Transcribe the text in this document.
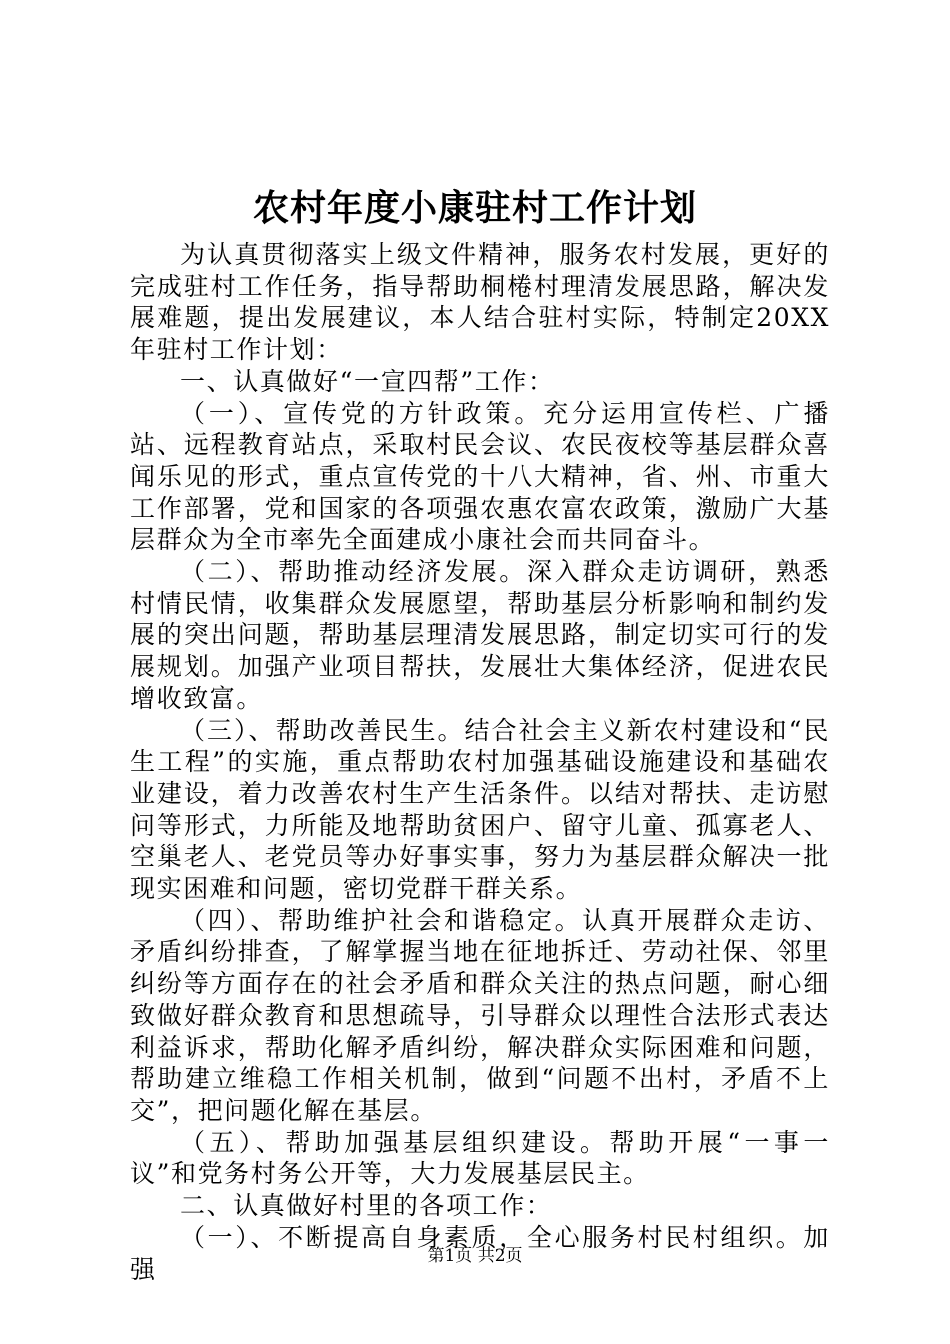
农村年度小康驻村工作计划

为认真贯彻落实上级文件精神，服务农村发展，更好的完成驻村工作任务，指导帮助桐棬村理清发展思路，解决发展难题，提出发展建议，本人结合驻村实际，特制定20XX年驻村工作计划：

一、认真做好“一宣四帮”工作：

（一）、宣传党的方针政策。充分运用宣传栏、广播站、远程教育站点，采取村民会议、农民夜校等基层群众喜闻乐见的形式，重点宣传党的十八大精神，省、州、市重大工作部署，党和国家的各项强农惠农富农政策，激励广大基层群众为全市率先全面建成小康社会而共同奋斗。

（二）、帮助推动经济发展。深入群众走访调研，熟悉村情民情，收集群众发展愿望，帮助基层分析影响和制约发展的突出问题，帮助基层理清发展思路，制定切实可行的发展规划。加强产业项目帮扶，发展壮大集体经济，促进农民增收致富。

（三）、帮助改善民生。结合社会主义新农村建设和“民生工程”的实施，重点帮助农村加强基础设施建设和基础农业建设，着力改善农村生产生活条件。以结对帮扶、走访慰问等形式，力所能及地帮助贫困户、留守儿童、孤寡老人、空巢老人、老党员等办好事实事，努力为基层群众解决一批现实困难和问题，密切党群干群关系。

（四）、帮助维护社会和谐稳定。认真开展群众走访、矛盾纠纷排查，了解掌握当地在征地拆迁、劳动社保、邻里纠纷等方面存在的社会矛盾和群众关注的热点问题，耐心细致做好群众教育和思想疏导，引导群众以理性合法形式表达利益诉求，帮助化解矛盾纠纷，解决群众实际困难和问题，帮助建立维稳工作相关机制，做到“问题不出村，矛盾不上交”，把问题化解在基层。

（五）、帮助加强基层组织建设。帮助开展“一事一议”和党务村务公开等，大力发展基层民主。

二、认真做好村里的各项工作：

（一）、不断提高自身素质，全心服务村民村组织。加强	第1页 共2页
